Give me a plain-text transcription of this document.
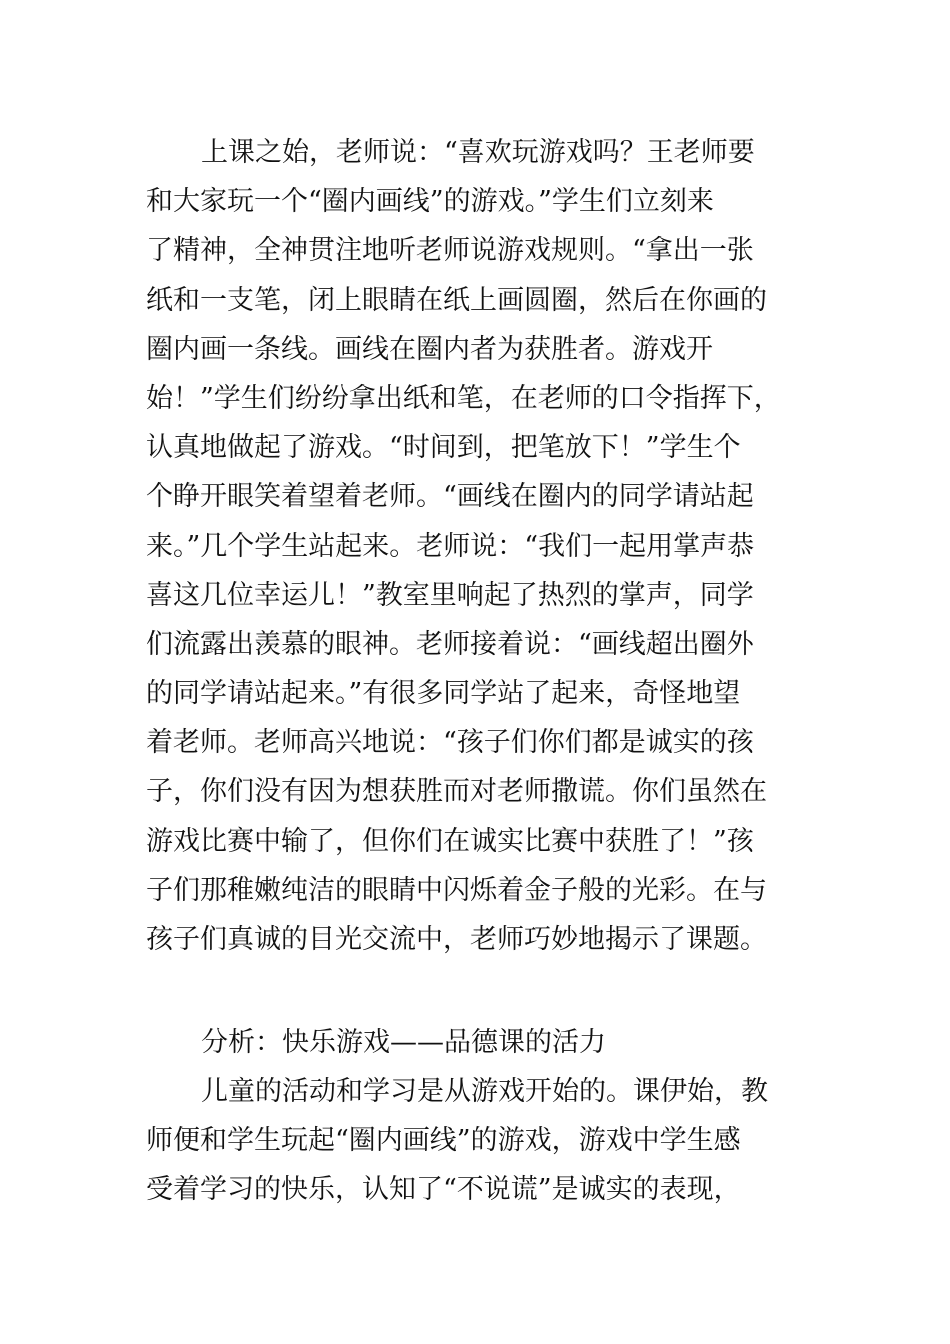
上课之始，老师说：“喜欢玩游戏吗？王老师要
和大家玩一个“圈内画线”的游戏。”学生们立刻来
了精神，全神贯注地听老师说游戏规则。“拿出一张
纸和一支笔，闭上眼睛在纸上画圆圈，然后在你画的
圈内画一条线。画线在圈内者为获胜者。游戏开
始！”学生们纷纷拿出纸和笔，在老师的口令指挥下，
认真地做起了游戏。“时间到，把笔放下！”学生个
个睁开眼笑着望着老师。“画线在圈内的同学请站起
来。”几个学生站起来。老师说：“我们一起用掌声恭
喜这几位幸运儿！”教室里响起了热烈的掌声，同学
们流露出羡慕的眼神。老师接着说：“画线超出圈外
的同学请站起来。”有很多同学站了起来，奇怪地望
着老师。老师高兴地说：“孩子们你们都是诚实的孩
子，你们没有因为想获胜而对老师撒谎。你们虽然在
游戏比赛中输了，但你们在诚实比赛中获胜了！”孩
子们那稚嫩纯洁的眼睛中闪烁着金子般的光彩。在与
孩子们真诚的目光交流中，老师巧妙地揭示了课题。
分析：快乐游戏——品德课的活力
儿童的活动和学习是从游戏开始的。课伊始，教
师便和学生玩起“圈内画线”的游戏，游戏中学生感
受着学习的快乐，认知了“不说谎”是诚实的表现，
